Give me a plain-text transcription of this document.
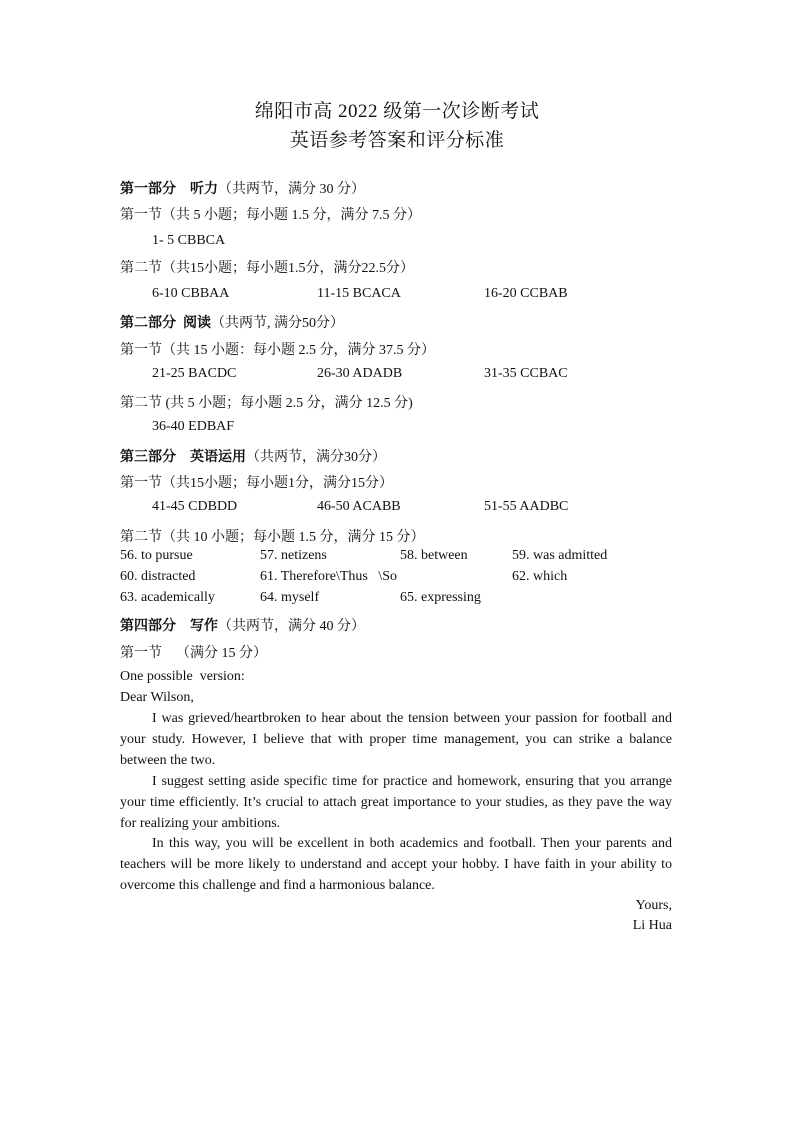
绵阳市高 2022 级第一次诊断考试
英语参考答案和评分标准
第一部分 听力（共两节，满分 30 分）
第一节（共 5 小题；每小题 1.5 分，满分 7.5 分）
1- 5 CBBCA
第二节（共15小题；每小题1.5分，满分22.5分）
6-10 CBBAA	11-15 BCACA	16-20 CCBAB
第二部分 阅读（共两节, 满分50分）
第一节（共 15 小题：每小题 2.5 分，满分 37.5 分）
21-25 BACDC	26-30 ADADB	31-35 CCBAC
第二节 (共 5 小题；每小题 2.5 分，满分 12.5 分)
36-40 EDBAF
第三部分 英语运用（共两节，满分30分）
第一节（共15小题；每小题1分，满分15分）
41-45 CDBDD	46-50 ACABB	51-55 AADBC
第二节（共 10 小题；每小题 1.5 分，满分 15 分）
56. to pursue	57. netizens	58. between	59. was admitted
60. distracted	61. Therefore\Thus   \So	62. which
63. academically	64. myself	65. expressing
第四部分 写作（共两节，满分 40 分）
第一节    （满分 15 分）
One possible  version:
Dear Wilson,

I was grieved/heartbroken to hear about the tension between your passion for football and your study. However, I believe that with proper time management, you can strike a balance between the two.

I suggest setting aside specific time for practice and homework, ensuring that you arrange your time efficiently. It’s crucial to attach great importance to your studies, as they pave the way for realizing your ambitions.

In this way, you will be excellent in both academics and football. Then your parents and teachers will be more likely to understand and accept your hobby. I have faith in your ability to overcome this challenge and find a harmonious balance.

Yours,
Li Hua
